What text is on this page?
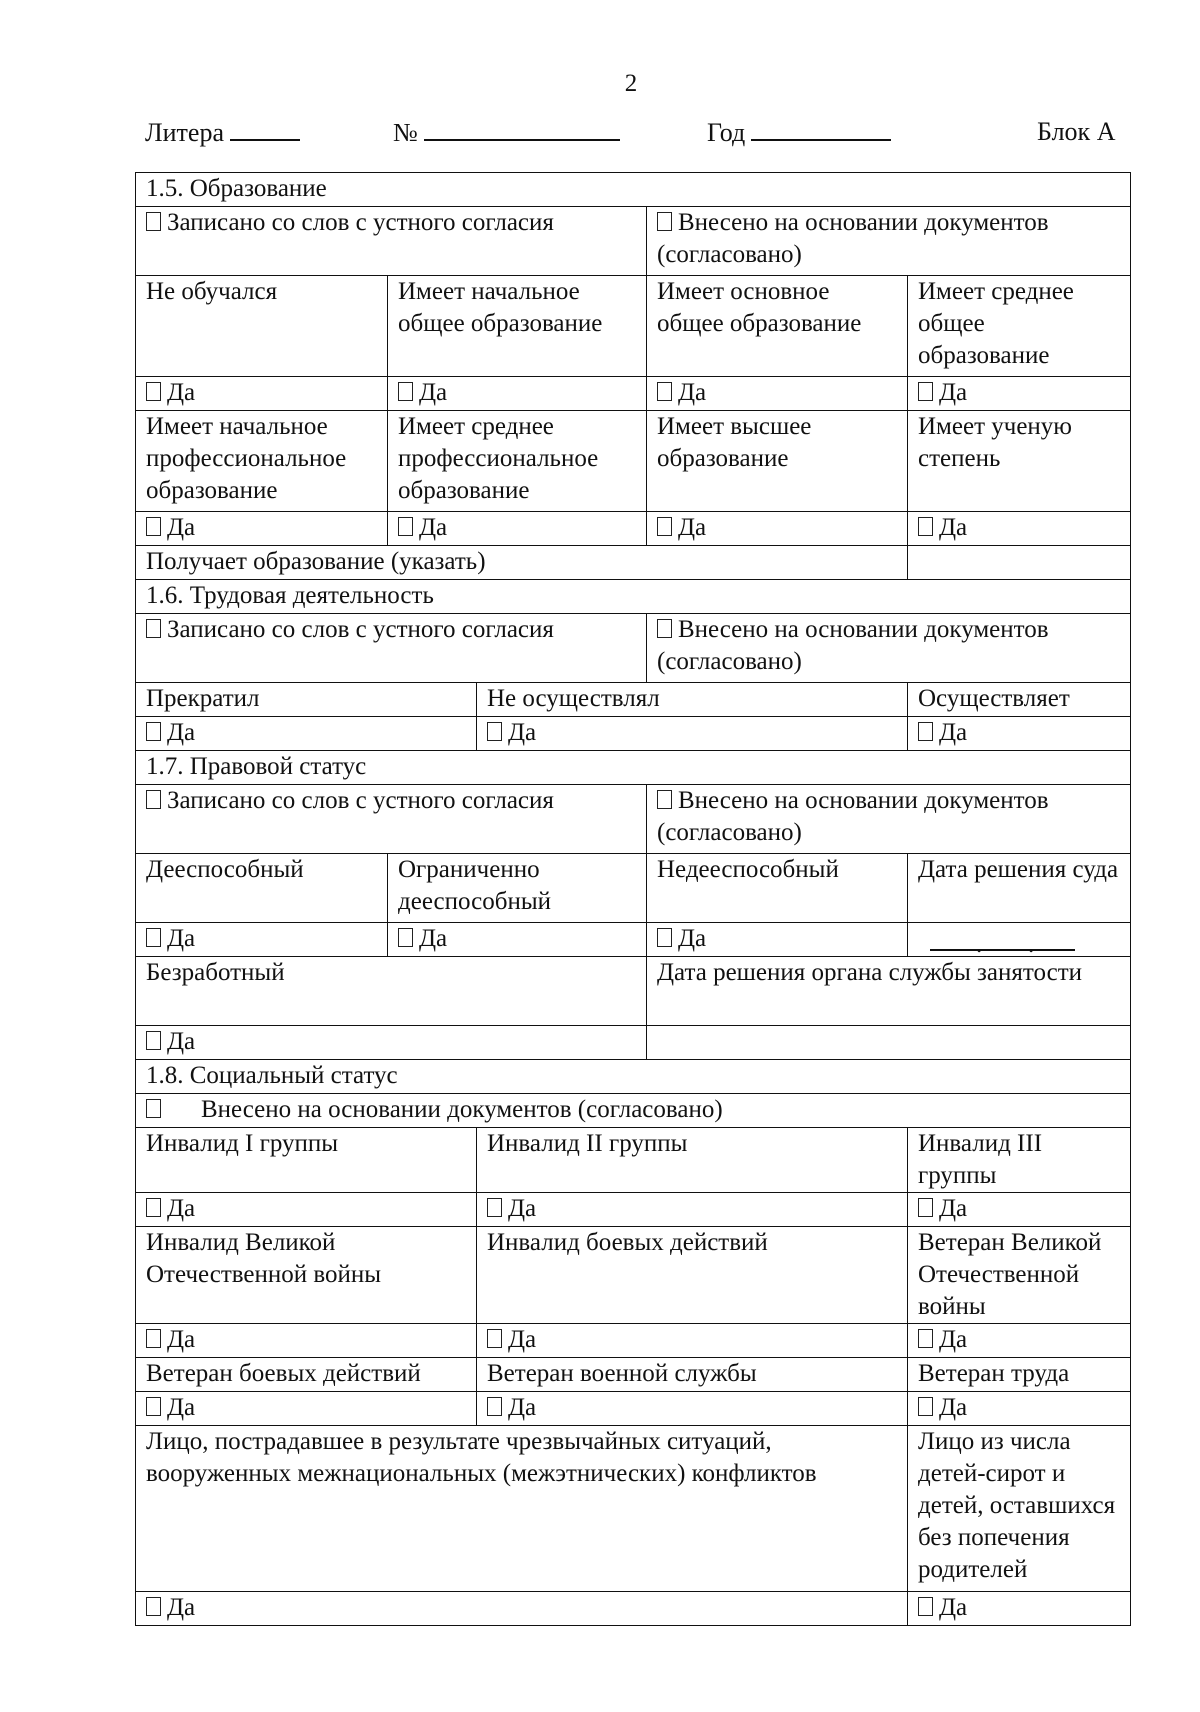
2
Литера	№	Год	Блок А
1.5. Образование				
Записано со слов с устного согласия			Внесено на основании документов (согласовано)	
Не обучался	Имеет начальное общее образование		Имеет основное общее образование	Имеет среднее общее образование
Да	Да		Да	Да
Имеет начальное профессиональное образование	Имеет среднее профессиональное образование		Имеет высшее образование	Имеет ученую степень
Да	Да		Да	Да
Получает образование (указать)				
1.6. Трудовая деятельность				
Записано со слов с устного согласия			Внесено на основании документов (согласовано)	
Прекратил		Не осуществлял		Осуществляет
Да		Да		Да
1.7. Правовой статус				
Записано со слов с устного согласия			Внесено на основании документов (согласовано)	
Дееспособный	Ограниченно дееспособный		Недееспособный	Дата решения суда
Да	Да		Да	. .

Безработный			Дата решения органа службы занятости	
Да				
1.8. Социальный статус				
Внесено на основании документов (согласовано)				
Инвалид I группы		Инвалид II группы		Инвалид III группы
Да		Да		Да
Инвалид Великой Отечественной войны		Инвалид боевых действий		Ветеран Великой Отечественной войны
Да		Да		Да
Ветеран боевых действий		Ветеран военной службы		Ветеран труда
Да		Да		Да
Лицо, пострадавшее в результате чрезвычайных ситуаций, вооруженных межнациональных (межэтнических) конфликтов				Лицо из числа детей-сирот и детей, оставшихся без попечения родителей
Да				Да
